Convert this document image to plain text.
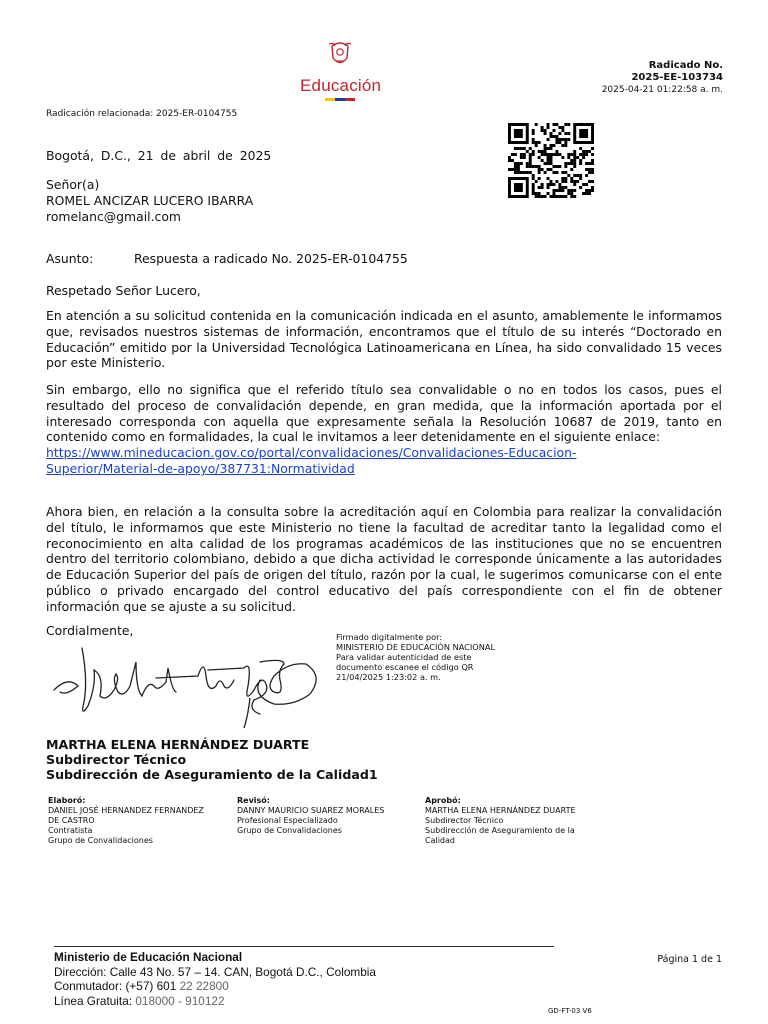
Educación
Radicado No.
2025-EE-103734
2025-04-21 01:22:58 a. m.
Radicación relacionada: 2025-ER-0104755
Bogotá, D.C., 21 de abril de 2025
Señor(a)
ROMEL ANCIZAR LUCERO IBARRA
romelanc@gmail.com
Asunto:	Respuesta a radicado No. 2025-ER-0104755
Respetado Señor Lucero,
En atención a su solicitud contenida en la comunicación indicada en el asunto, amablemente le informamos que, revisados nuestros sistemas de información, encontramos que el título de su interés “Doctorado en Educación” emitido por la Universidad Tecnológica Latinoamericana en Línea, ha sido convalidado 15 veces por este Ministerio.
Sin embargo, ello no significa que el referido título sea convalidable o no en todos los casos, pues el resultado del proceso de convalidación depende, en gran medida, que la información aportada por el interesado corresponda con aquella que expresamente señala la Resolución 10687 de 2019, tanto en contenido como en formalidades, la cual le invitamos a leer detenidamente en el siguiente enlace:
https://www.mineducacion.gov.co/portal/convalidaciones/Convalidaciones-Educacion-
Superior/Material-de-apoyo/387731:Normatividad
Ahora bien, en relación a la consulta sobre la acreditación aquí en Colombia para realizar la convalidación del título, le informamos que este Ministerio no tiene la facultad de acreditar tanto la legalidad como el reconocimiento en alta calidad de los programas académicos de las instituciones que no se encuentren dentro del territorio colombiano, debido a que dicha actividad le corresponde únicamente a las autoridades de Educación Superior del país de origen del título, razón por la cual, le sugerimos comunicarse con el ente público o privado encargado del control educativo del país correspondiente con el fin de obtener información que se ajuste a su solicitud.
Cordialmente,	Firmado digitalmente por:
MINISTERIO DE EDUCACIÓN NACIONAL
Para validar autenticidad de este
documento escanee el código QR
21/04/2025 1:23:02 a. m.
MARTHA ELENA HERNÁNDEZ DUARTE
Subdirector Técnico
Subdirección de Aseguramiento de la Calidad1
Elaboró:
DANIEL JOSÉ HERNANDEZ FERNANDEZ
DE CASTRO
Contratista
Grupo de Convalidaciones
Revisó:
DANNY MAURICIO SUAREZ MORALES
Profesional Especializado
Grupo de Convalidaciones
Aprobó:
MARTHA ELENA HERNÁNDEZ DUARTE
Subdirector Técnico
Subdirección de Aseguramiento de la
Calidad
Ministerio de Educación Nacional
Dirección: Calle 43 No. 57 – 14. CAN, Bogotá D.C., Colombia
Conmutador: (+57) 601 22 22800
Línea Gratuita: 018000 - 910122
Página 1 de 1
GD-FT-03 V6
